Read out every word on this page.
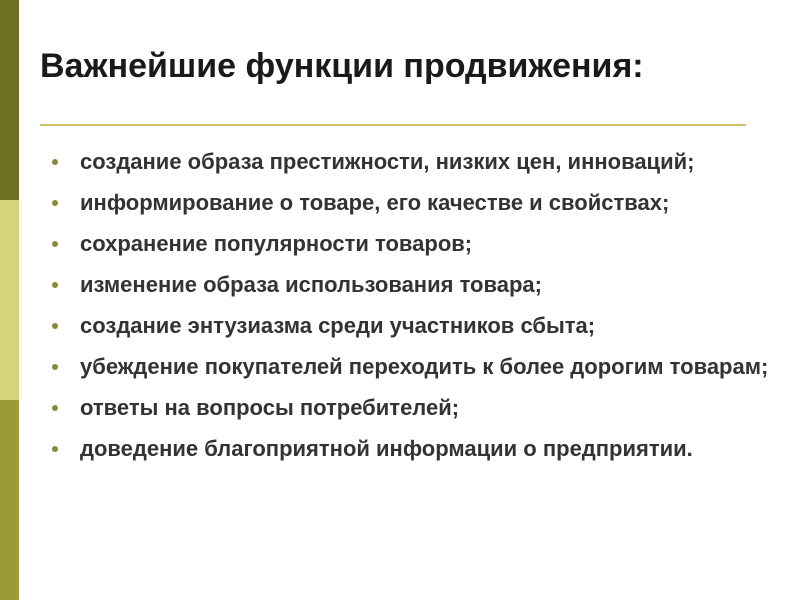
Важнейшие функции продвижения:
создание образа престижности, низких цен, инноваций;
информирование о товаре, его качестве и свойствах;
сохранение популярности товаров;
изменение образа использования товара;
создание энтузиазма среди участников сбыта;
убеждение покупателей переходить к более дорогим товарам;
ответы на вопросы потребителей;
доведение благоприятной информации о предприятии.
